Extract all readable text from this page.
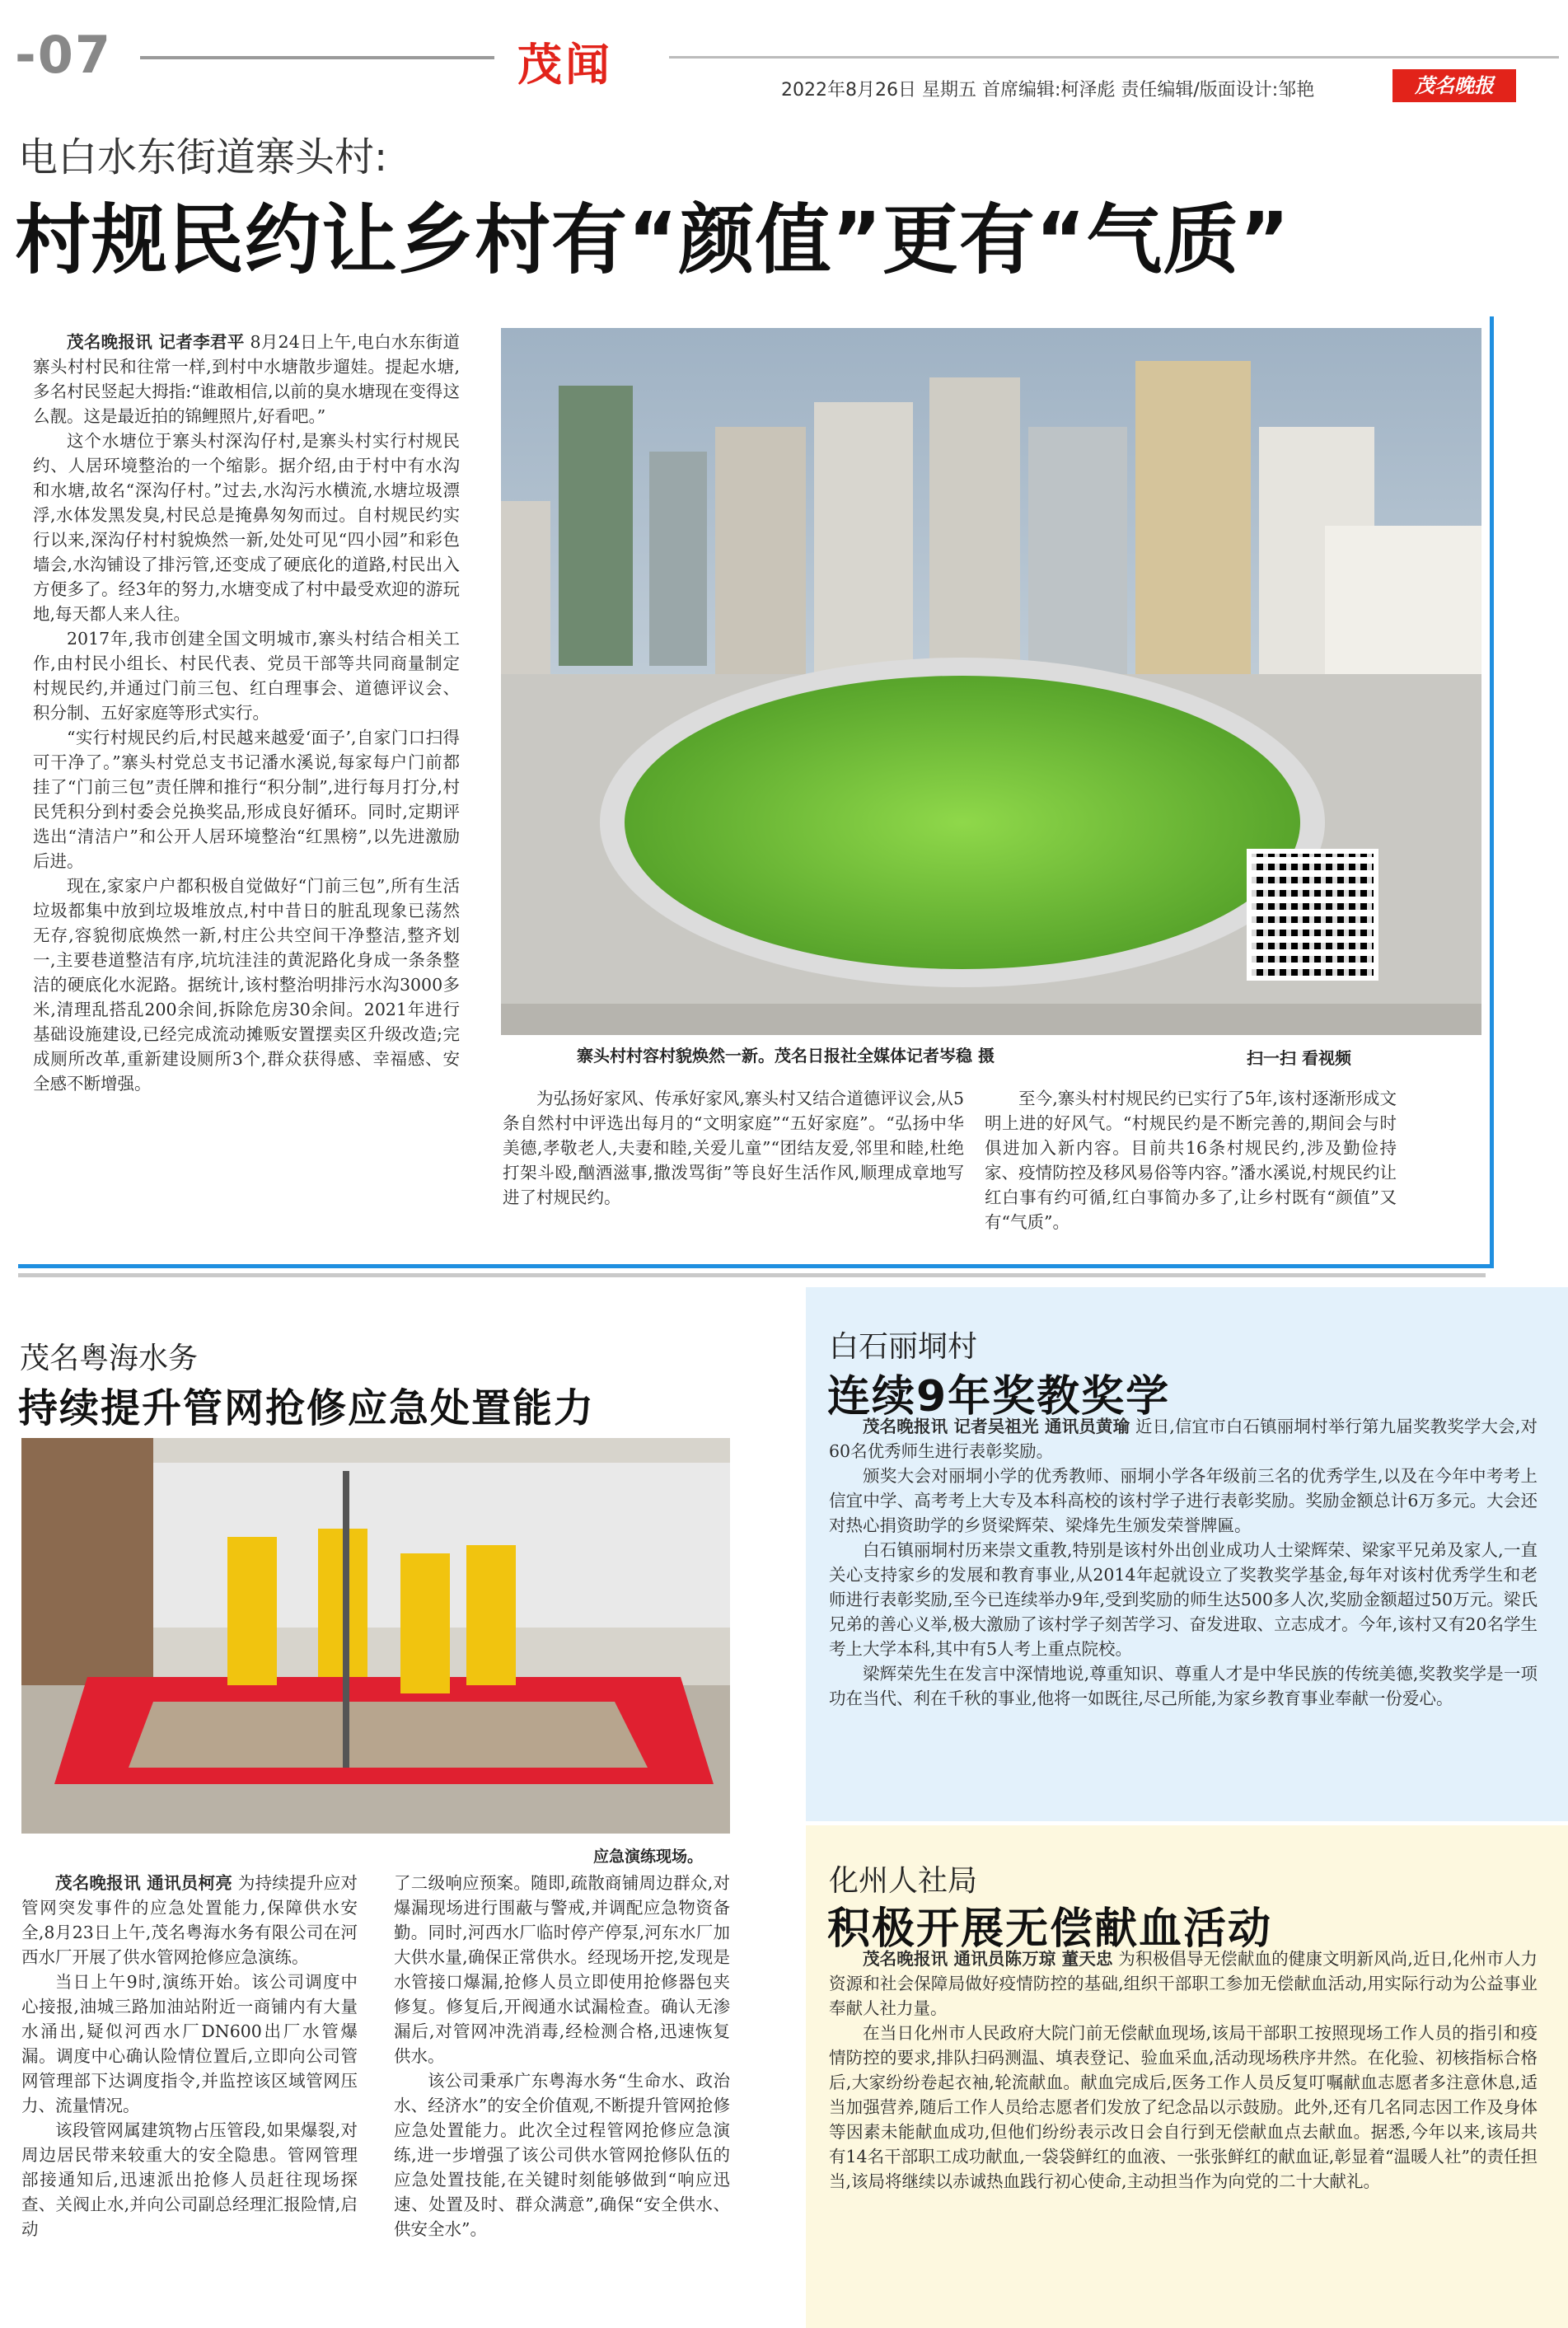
-07	茂闻	2022年8月26日 星期五 首席编辑:柯泽彪 责任编辑/版面设计:邹艳	茂名晚报
电白水东街道寨头村:
村规民约让乡村有“颜值”更有“气质”

茂名晚报讯 记者李君平 8月24日上午,电白水东街道寨头村村民和往常一样,到村中水塘散步遛娃。提起水塘,多名村民竖起大拇指:“谁敢相信,以前的臭水塘现在变得这么靓。这是最近拍的锦鲤照片,好看吧。”

这个水塘位于寨头村深沟仔村,是寨头村实行村规民约、人居环境整治的一个缩影。据介绍,由于村中有水沟和水塘,故名“深沟仔村。”过去,水沟污水横流,水塘垃圾漂浮,水体发黑发臭,村民总是掩鼻匆匆而过。自村规民约实行以来,深沟仔村村貌焕然一新,处处可见“四小园”和彩色墙会,水沟铺设了排污管,还变成了硬底化的道路,村民出入方便多了。经3年的努力,水塘变成了村中最受欢迎的游玩地,每天都人来人往。

2017年,我市创建全国文明城市,寨头村结合相关工作,由村民小组长、村民代表、党员干部等共同商量制定村规民约,并通过门前三包、红白理事会、道德评议会、积分制、五好家庭等形式实行。

“实行村规民约后,村民越来越爱‘面子’,自家门口扫得可干净了。”寨头村党总支书记潘水溪说,每家每户门前都挂了“门前三包”责任牌和推行“积分制”,进行每月打分,村民凭积分到村委会兑换奖品,形成良好循环。同时,定期评选出“清洁户”和公开人居环境整治“红黑榜”,以先进激励后进。

现在,家家户户都积极自觉做好“门前三包”,所有生活垃圾都集中放到垃圾堆放点,村中昔日的脏乱现象已荡然无存,容貌彻底焕然一新,村庄公共空间干净整洁,整齐划一,主要巷道整洁有序,坑坑洼洼的黄泥路化身成一条条整洁的硬底化水泥路。据统计,该村整治明排污水沟3000多米,清理乱搭乱200余间,拆除危房30余间。2021年进行基础设施建设,已经完成流动摊贩安置摆卖区升级改造;完成厕所改革,重新建设厕所3个,群众获得感、幸福感、安全感不断增强。

寨头村村容村貌焕然一新。茂名日报社全媒体记者岑稳 摄	扫一扫 看视频

为弘扬好家风、传承好家风,寨头村又结合道德评议会,从5条自然村中评选出每月的“文明家庭”“五好家庭”。“弘扬中华美德,孝敬老人,夫妻和睦,关爱儿童”“团结友爱,邻里和睦,杜绝打架斗殴,酗酒滋事,撒泼骂街”等良好生活作风,顺理成章地写进了村规民约。

至今,寨头村村规民约已实行了5年,该村逐渐形成文明上进的好风气。“村规民约是不断完善的,期间会与时俱进加入新内容。目前共16条村规民约,涉及勤俭持家、疫情防控及移风易俗等内容。”潘水溪说,村规民约让红白事有约可循,红白事简办多了,让乡村既有“颜值”又有“气质”。

茂名粤海水务
持续提升管网抢修应急处置能力
应急演练现场。

茂名晚报讯 通讯员柯亮 为持续提升应对管网突发事件的应急处置能力,保障供水安全,8月23日上午,茂名粤海水务有限公司在河西水厂开展了供水管网抢修应急演练。

当日上午9时,演练开始。该公司调度中心接报,油城三路加油站附近一商铺内有大量水涌出,疑似河西水厂DN600出厂水管爆漏。调度中心确认险情位置后,立即向公司管网管理部下达调度指令,并监控该区域管网压力、流量情况。

该段管网属建筑物占压管段,如果爆裂,对周边居民带来较重大的安全隐患。管网管理部接通知后,迅速派出抢修人员赶往现场探查、关阀止水,并向公司副总经理汇报险情,启动

了二级响应预案。随即,疏散商铺周边群众,对爆漏现场进行围蔽与警戒,并调配应急物资备勤。同时,河西水厂临时停产停泵,河东水厂加大供水量,确保正常供水。经现场开挖,发现是水管接口爆漏,抢修人员立即使用抢修器包夹修复。修复后,开阀通水试漏检查。确认无渗漏后,对管网冲洗消毒,经检测合格,迅速恢复供水。

该公司秉承广东粤海水务“生命水、政治水、经济水”的安全价值观,不断提升管网抢修应急处置能力。此次全过程管网抢修应急演练,进一步增强了该公司供水管网抢修队伍的应急处置技能,在关键时刻能够做到“响应迅速、处置及时、群众满意”,确保“安全供水、供安全水”。

白石丽垌村
连续9年奖教奖学

茂名晚报讯 记者吴祖光 通讯员黄瑜 近日,信宜市白石镇丽垌村举行第九届奖教奖学大会,对60名优秀师生进行表彰奖励。

颁奖大会对丽垌小学的优秀教师、丽垌小学各年级前三名的优秀学生,以及在今年中考考上信宜中学、高考考上大专及本科高校的该村学子进行表彰奖励。奖励金额总计6万多元。大会还对热心捐资助学的乡贤梁辉荣、梁烽先生颁发荣誉牌匾。

白石镇丽垌村历来崇文重教,特别是该村外出创业成功人士梁辉荣、梁家平兄弟及家人,一直关心支持家乡的发展和教育事业,从2014年起就设立了奖教奖学基金,每年对该村优秀学生和老师进行表彰奖励,至今已连续举办9年,受到奖励的师生达500多人次,奖励金额超过50万元。梁氏兄弟的善心义举,极大激励了该村学子刻苦学习、奋发进取、立志成才。今年,该村又有20名学生考上大学本科,其中有5人考上重点院校。

梁辉荣先生在发言中深情地说,尊重知识、尊重人才是中华民族的传统美德,奖教奖学是一项功在当代、利在千秋的事业,他将一如既往,尽己所能,为家乡教育事业奉献一份爱心。

化州人社局
积极开展无偿献血活动

茂名晚报讯 通讯员陈万琼 董天忠 为积极倡导无偿献血的健康文明新风尚,近日,化州市人力资源和社会保障局做好疫情防控的基础,组织干部职工参加无偿献血活动,用实际行动为公益事业奉献人社力量。

在当日化州市人民政府大院门前无偿献血现场,该局干部职工按照现场工作人员的指引和疫情防控的要求,排队扫码测温、填表登记、验血采血,活动现场秩序井然。在化验、初核指标合格后,大家纷纷卷起衣袖,轮流献血。献血完成后,医务工作人员反复叮嘱献血志愿者多注意休息,适当加强营养,随后工作人员给志愿者们发放了纪念品以示鼓励。此外,还有几名同志因工作及身体等因素未能献血成功,但他们纷纷表示改日会自行到无偿献血点去献血。据悉,今年以来,该局共有14名干部职工成功献血,一袋袋鲜红的血液、一张张鲜红的献血证,彰显着“温暖人社”的责任担当,该局将继续以赤诚热血践行初心使命,主动担当作为向党的二十大献礼。
